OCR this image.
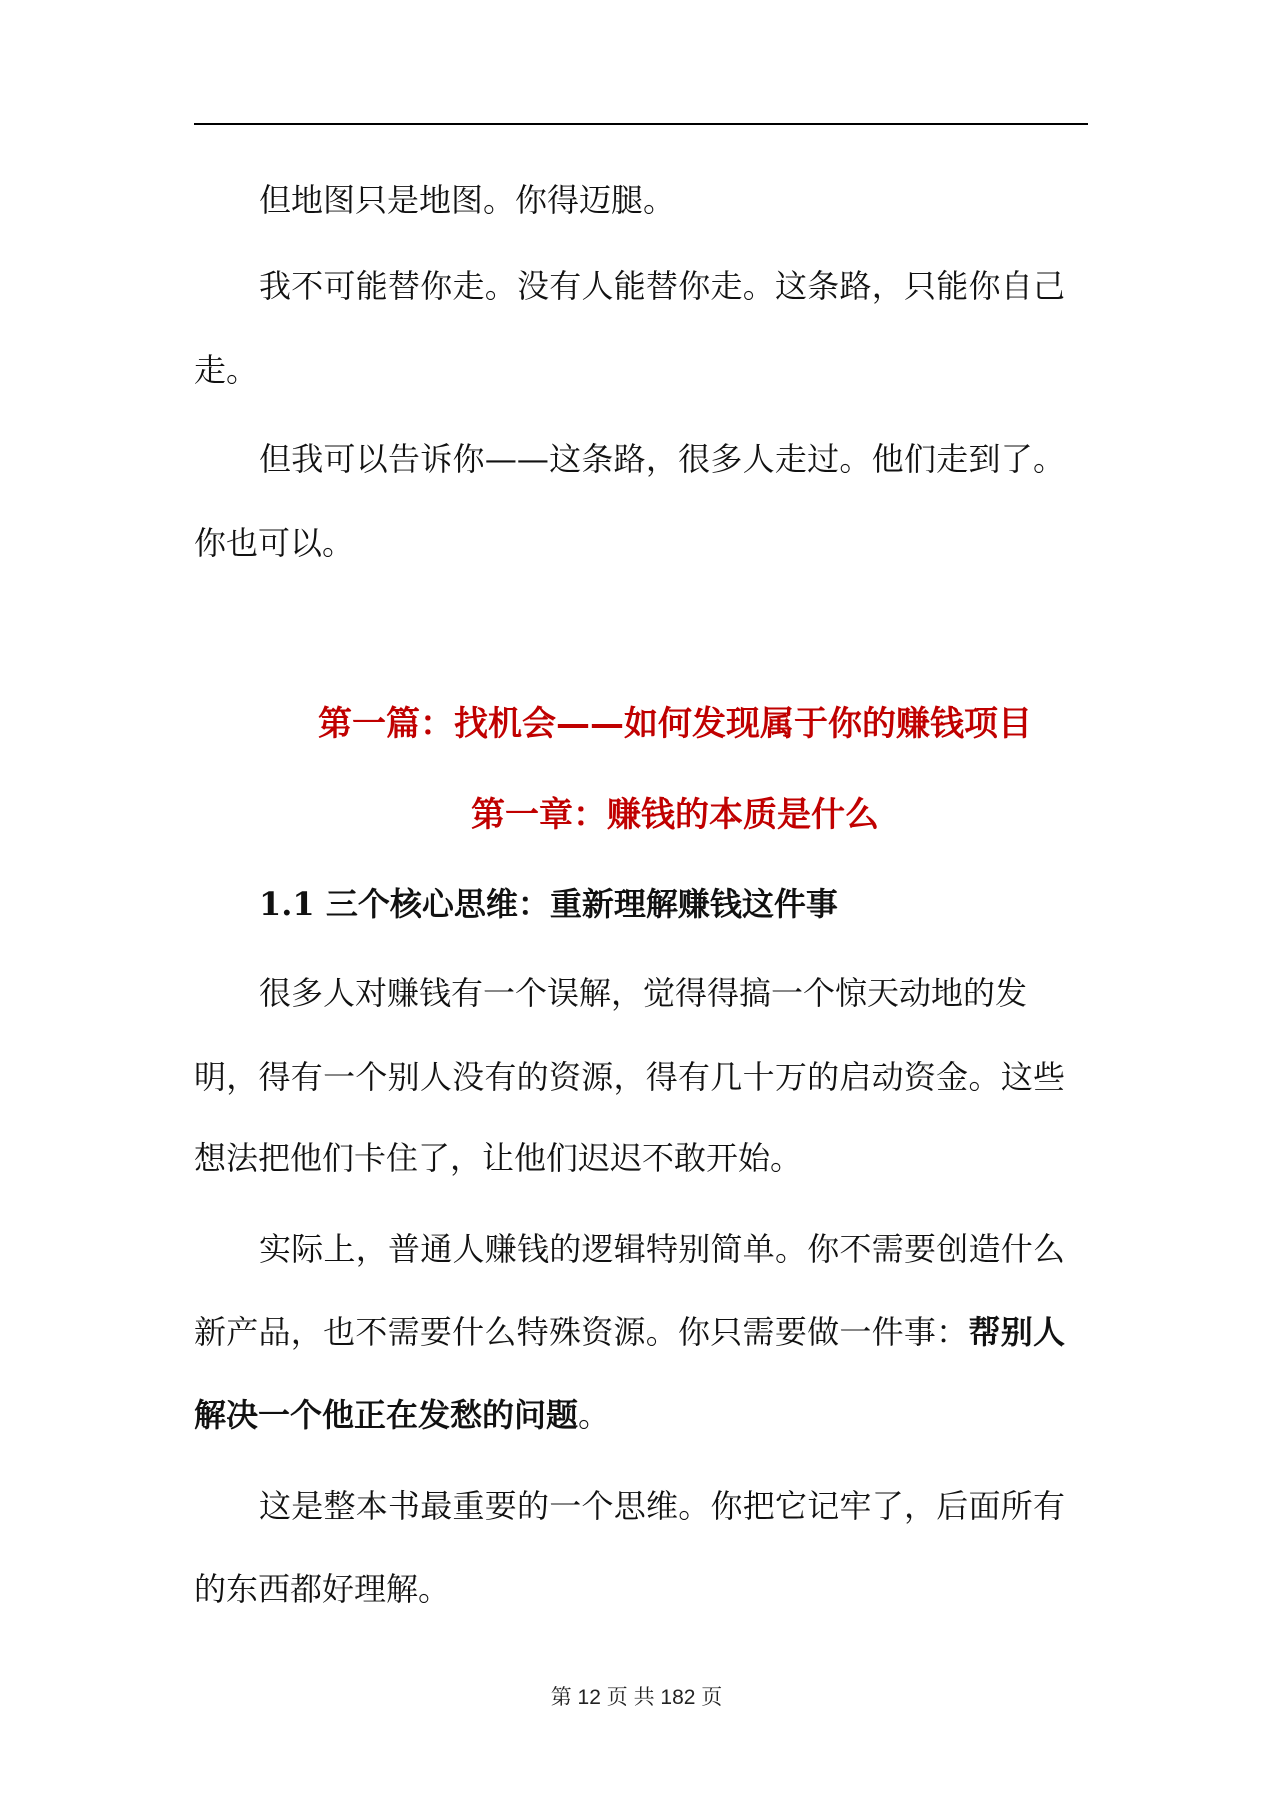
但地图只是地图。你得迈腿。
我不可能替你走。没有人能替你走。这条路，只能你自己
走。
但我可以告诉你——这条路，很多人走过。他们走到了。
你也可以。
第一篇：找机会——如何发现属于你的赚钱项目
第一章：赚钱的本质是什么
1.1 三个核心思维：重新理解赚钱这件事
很多人对赚钱有一个误解，觉得得搞一个惊天动地的发
明，得有一个别人没有的资源，得有几十万的启动资金。这些
想法把他们卡住了，让他们迟迟不敢开始。
实际上，普通人赚钱的逻辑特别简单。你不需要创造什么
新产品，也不需要什么特殊资源。你只需要做一件事：帮别人
解决一个他正在发愁的问题。
这是整本书最重要的一个思维。你把它记牢了，后面所有
的东西都好理解。
第 12 页 共 182 页
